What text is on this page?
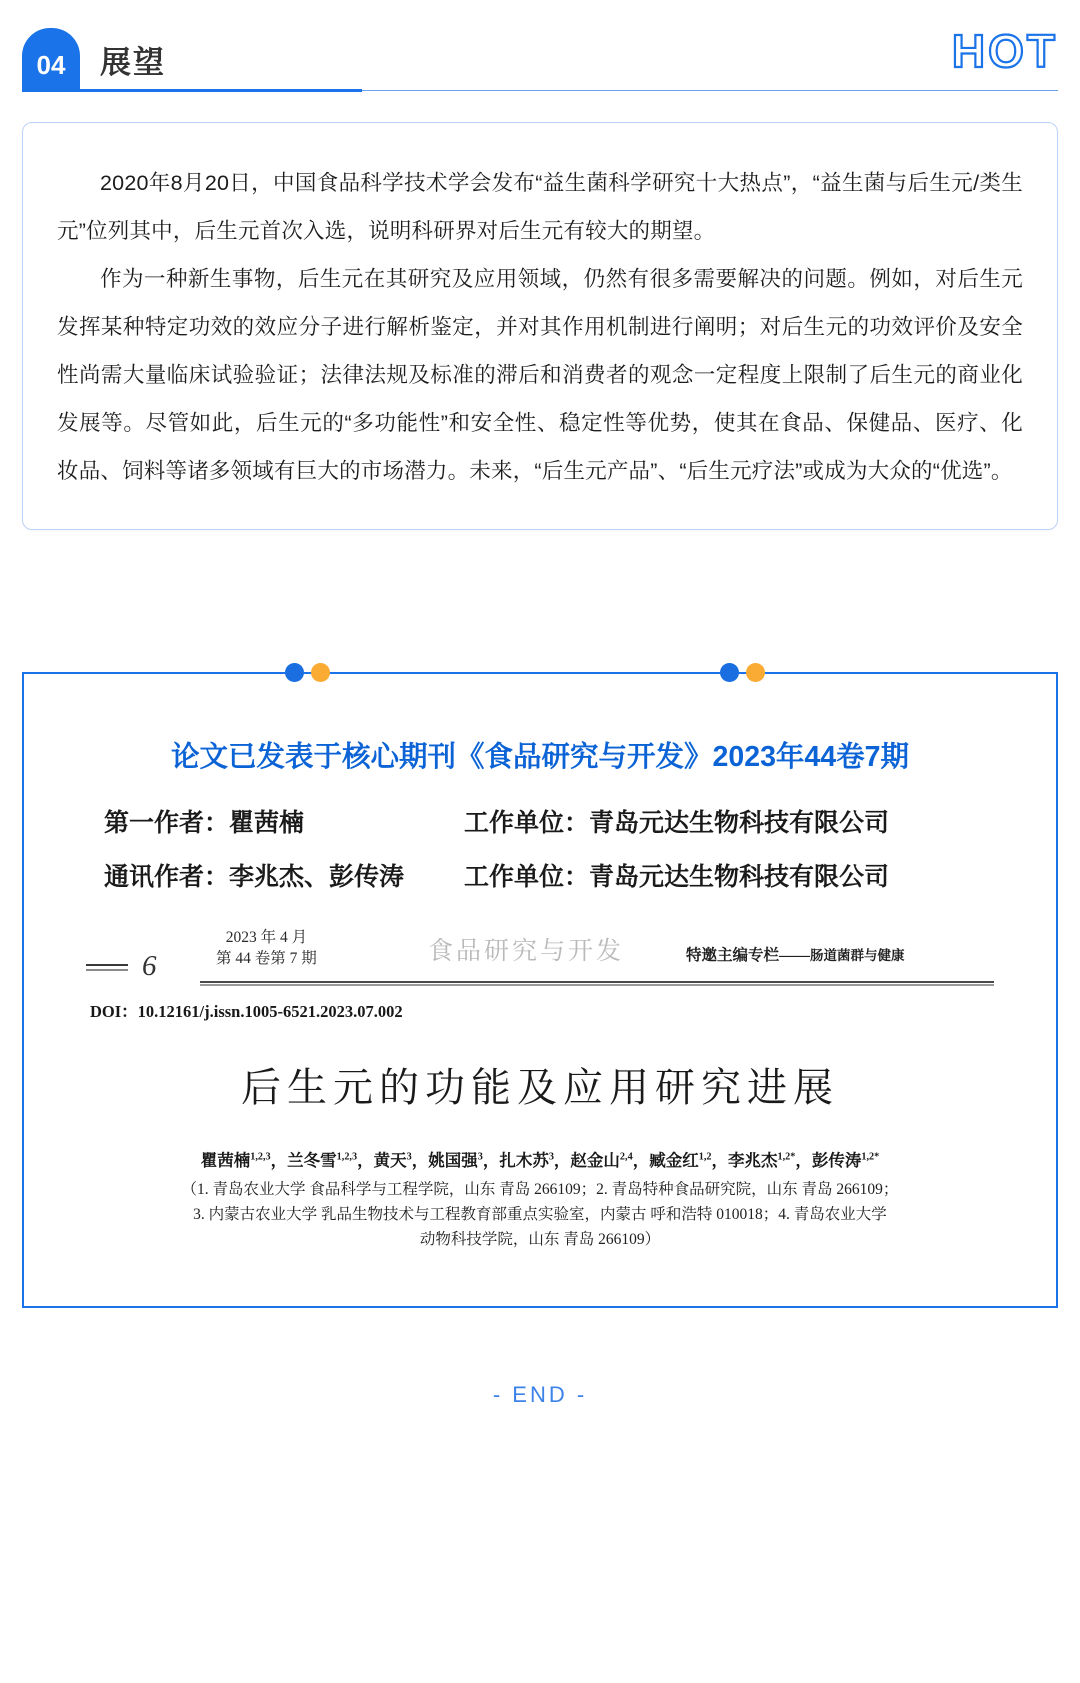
04	展望	HOT

2020年8月20日，中国食品科学技术学会发布“益生菌科学研究十大热点”，“益生菌与后生元/类生元”位列其中，后生元首次入选，说明科研界对后生元有较大的期望。

作为一种新生事物，后生元在其研究及应用领域，仍然有很多需要解决的问题。例如，对后生元发挥某种特定功效的效应分子进行解析鉴定，并对其作用机制进行阐明；对后生元的功效评价及安全性尚需大量临床试验验证；法律法规及标准的滞后和消费者的观念一定程度上限制了后生元的商业化发展等。尽管如此，后生元的“多功能性”和安全性、稳定性等优势，使其在食品、保健品、医疗、化妆品、饲料等诸多领域有巨大的市场潜力。未来，“后生元产品”、“后生元疗法”或成为大众的“优选”。

论文已发表于核心期刊《食品研究与开发》2023年44卷7期
第一作者：瞿茜楠	工作单位：青岛元达生物科技有限公司
通讯作者：李兆杰、彭传涛	工作单位：青岛元达生物科技有限公司
6
2023 年 4 月
第 44 卷第 7 期	食品研究与开发	特邀主编专栏——肠道菌群与健康
DOI：10.12161/j.issn.1005-6521.2023.07.002
后生元的功能及应用研究进展
瞿茜楠$^{1,2,3}$，兰冬雪$^{1,2,3}$，黄天$^3$，姚国强$^3$，扎木苏$^3$，赵金山$^{2,4}$，臧金红$^{1,2}$，李兆杰$^{1,2*}$，彭传涛$^{1,2*}$
（1. 青岛农业大学 食品科学与工程学院，山东 青岛 266109；2. 青岛特种食品研究院，山东 青岛 266109；
3. 内蒙古农业大学 乳品生物技术与工程教育部重点实验室，内蒙古 呼和浩特 010018；4. 青岛农业大学
动物科技学院，山东 青岛 266109）
- END -
